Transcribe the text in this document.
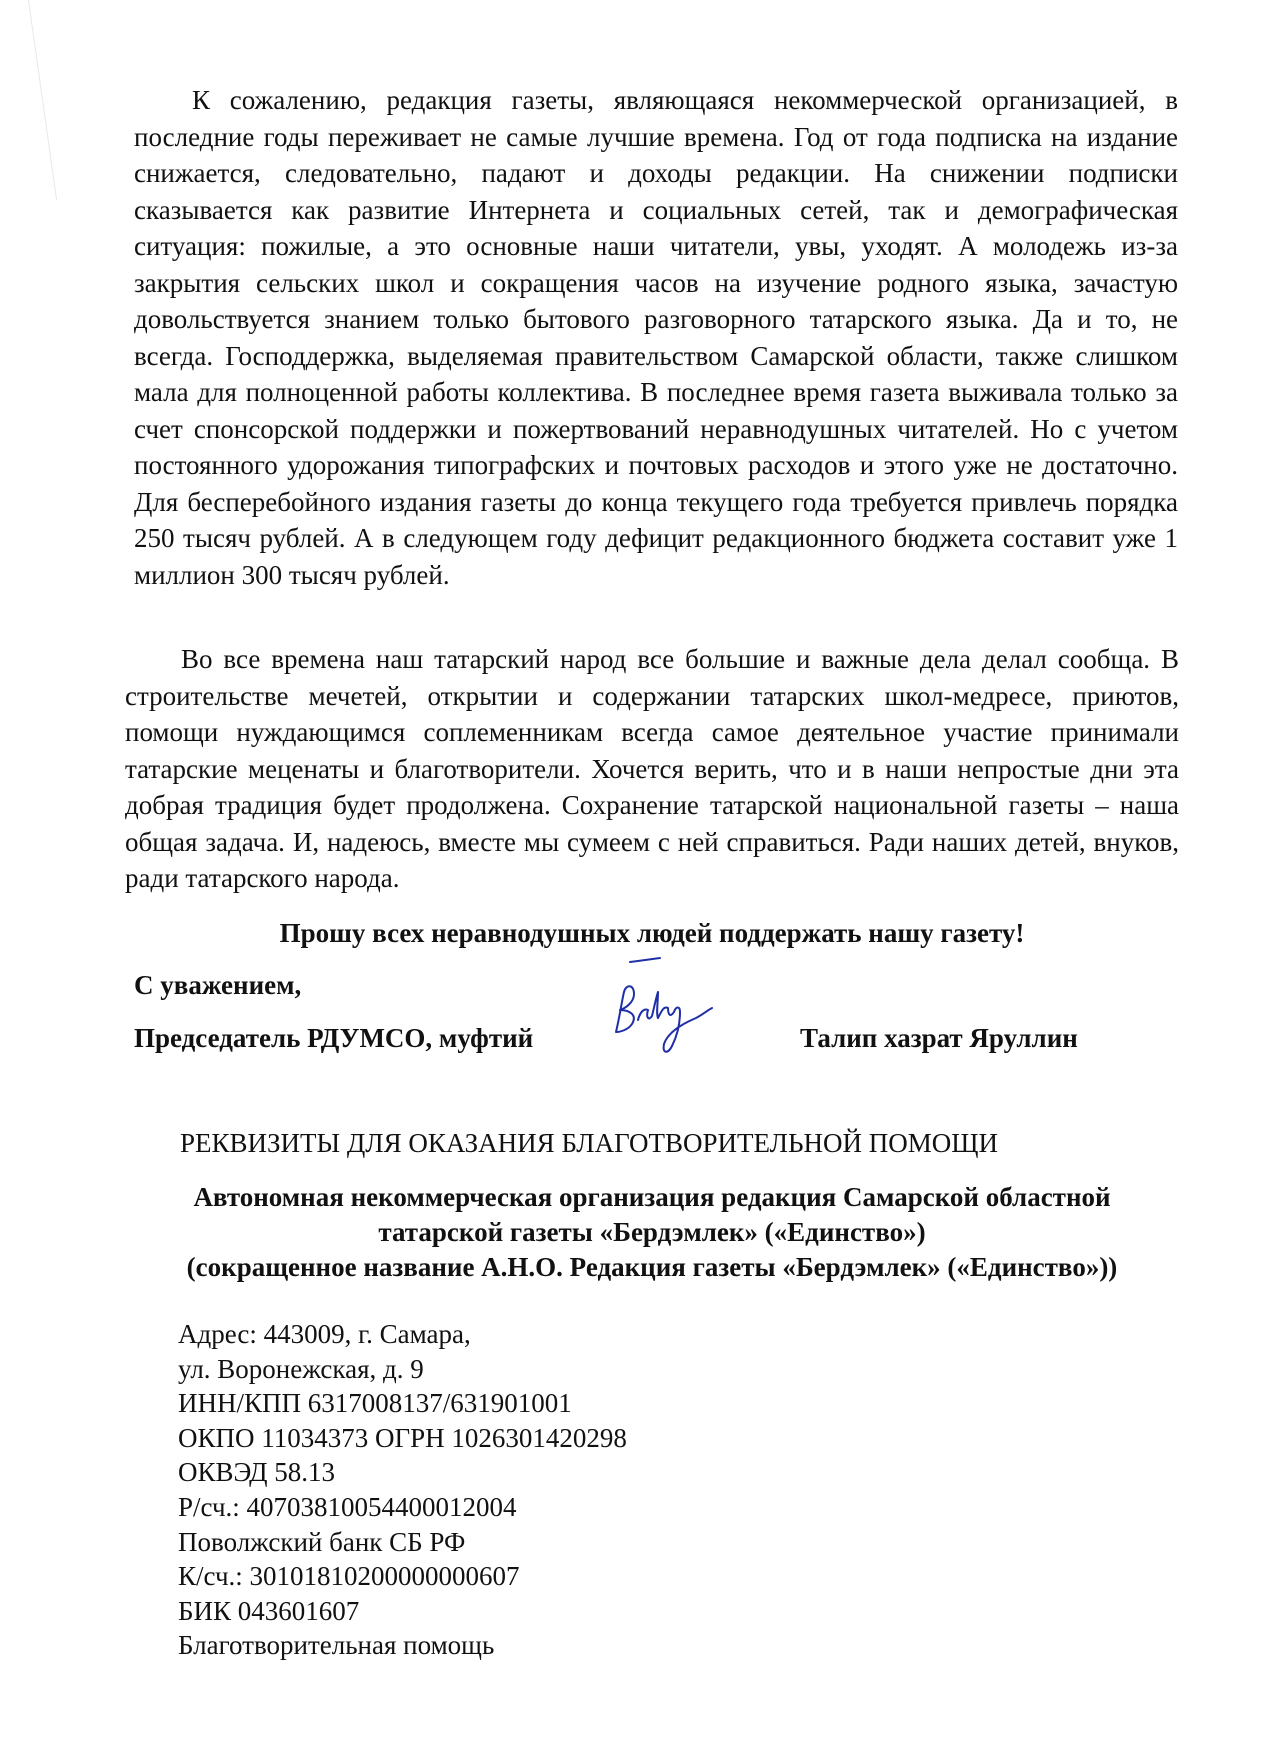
К сожалению, редакция газеты, являющаяся некоммерческой организацией, в последние годы переживает не самые лучшие времена. Год от года подписка на издание снижается, следовательно, падают и доходы редакции. На снижении подписки сказывается как развитие Интернета и социальных сетей, так и демографическая ситуация: пожилые, а это основные наши читатели, увы, уходят. А молодежь из-за закрытия сельских школ и сокращения часов на изучение родного языка, зачастую довольствуется знанием только бытового разговорного татарского языка. Да и то, не всегда. Господдержка, выделяемая правительством Самарской области, также слишком мала для полноценной работы коллектива. В последнее время газета выживала только за счет спонсорской поддержки и пожертвований неравнодушных читателей. Но с учетом постоянного удорожания типографских и почтовых расходов и этого уже не достаточно. Для бесперебойного издания газеты до конца текущего года требуется привлечь порядка 250 тысяч рублей. А в следующем году дефицит редакционного бюджета составит уже 1 миллион 300 тысяч рублей.
Во все времена наш татарский народ все большие и важные дела делал сообща. В строительстве мечетей, открытии и содержании татарских школ-медресе, приютов, помощи нуждающимся соплеменникам всегда самое деятельное участие принимали татарские меценаты и благотворители. Хочется верить, что и в наши непростые дни эта добрая традиция будет продолжена. Сохранение татарской национальной газеты – наша общая задача. И, надеюсь, вместе мы сумеем с ней справиться. Ради наших детей, внуков, ради татарского народа.
Прошу всех неравнодушных людей поддержать нашу газету!
С уважением,
Председатель РДУМСО, муфтий	Талип хазрат Яруллин
РЕКВИЗИТЫ ДЛЯ ОКАЗАНИЯ БЛАГОТВОРИТЕЛЬНОЙ ПОМОЩИ
Автономная некоммерческая организация редакция Самарской областной
татарской газеты «Бердэмлек» («Единство»)
(сокращенное название А.Н.О. Редакция газеты «Бердэмлек» («Единство»))
Адрес: 443009, г. Самара,
ул. Воронежская, д. 9
ИНН/КПП 6317008137/631901001
ОКПО 11034373 ОГРН 1026301420298
ОКВЭД 58.13
Р/сч.: 40703810054400012004
Поволжский банк СБ РФ
К/сч.: 30101810200000000607
БИК 043601607
Благотворительная помощь
